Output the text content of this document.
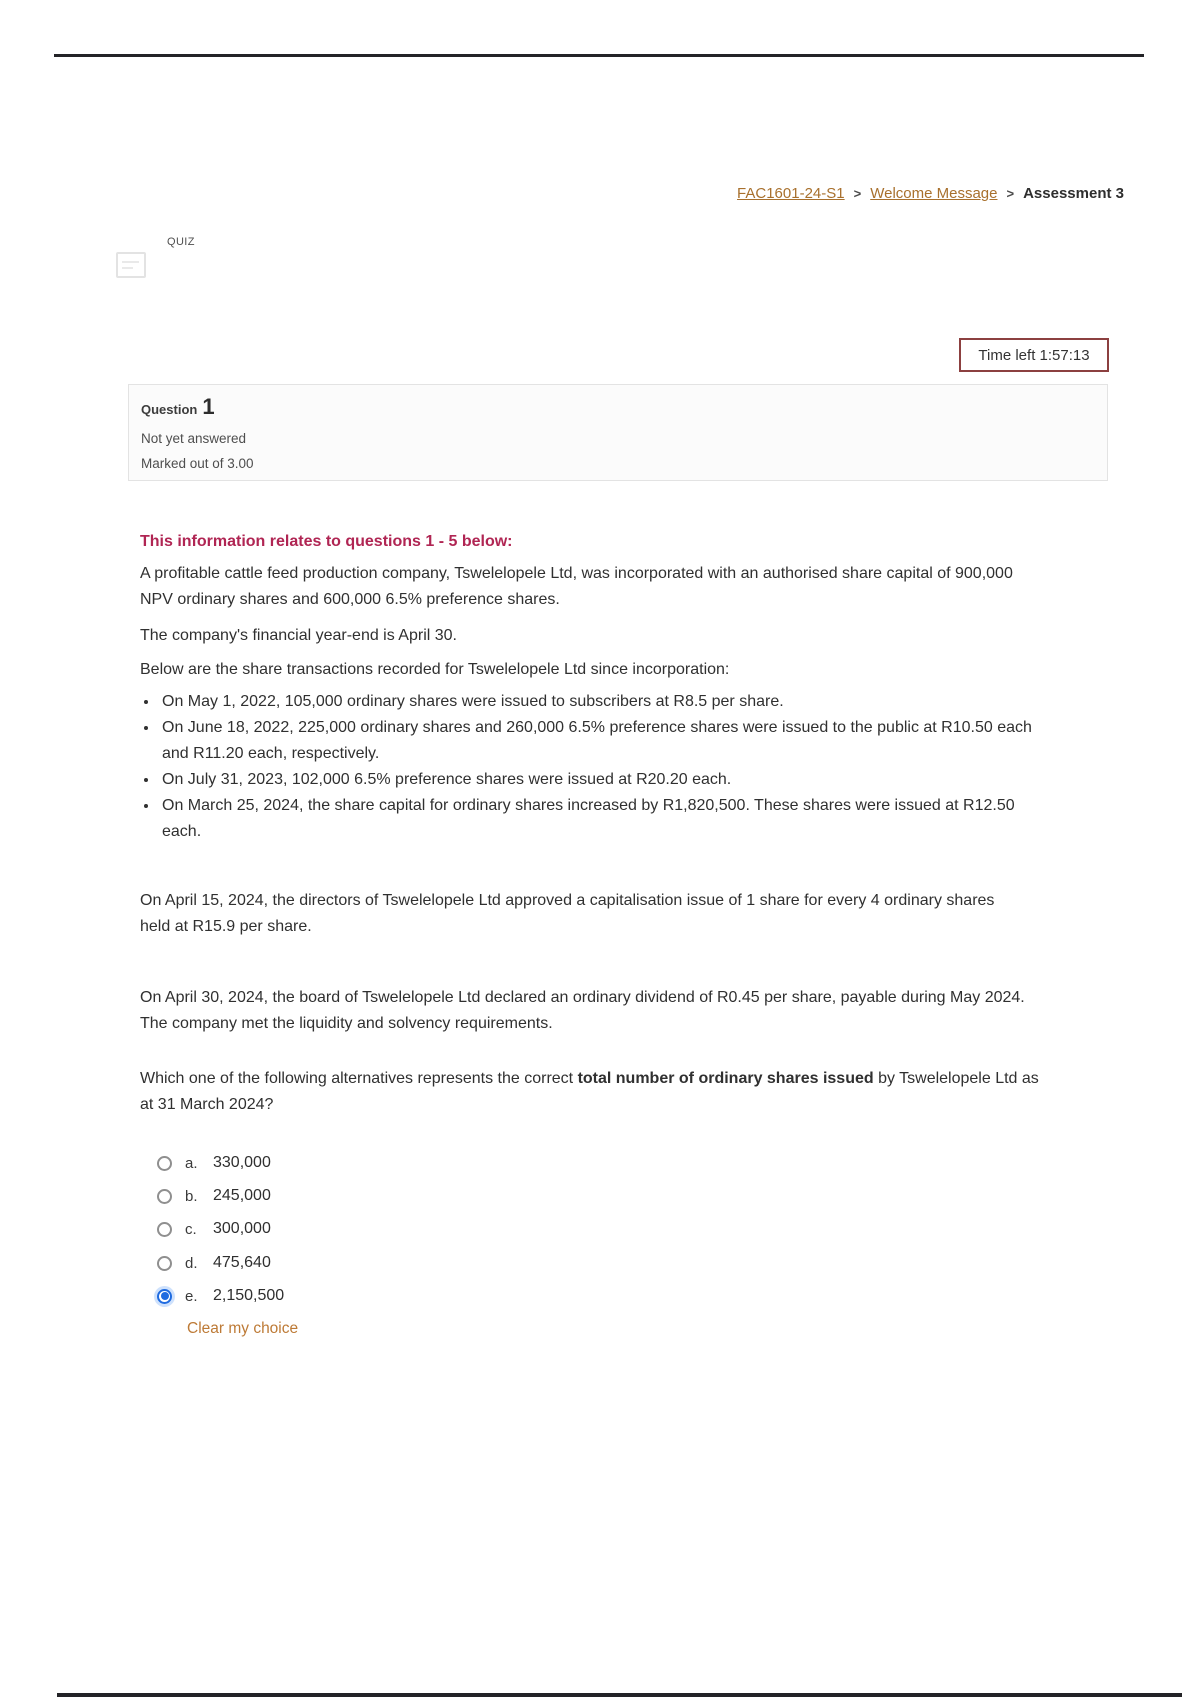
FAC1601-24-S1 > Welcome Message > Assessment 3
QUIZ
Time left 1:57:13
Question 1
Not yet answered
Marked out of 3.00
This information relates to questions 1 - 5 below:
A profitable cattle feed production company, Tswelelopele Ltd, was incorporated with an authorised share capital of 900,000
NPV ordinary shares and 600,000 6.5% preference shares.
The company's financial year-end is April 30.
Below are the share transactions recorded for Tswelelopele Ltd since incorporation:
• On May 1, 2022, 105,000 ordinary shares were issued to subscribers at R8.5 per share.
• On June 18, 2022, 225,000 ordinary shares and 260,000 6.5% preference shares were issued to the public at R10.50 each
and R11.20 each, respectively.
• On July 31, 2023, 102,000 6.5% preference shares were issued at R20.20 each.
• On March 25, 2024, the share capital for ordinary shares increased by R1,820,500. These shares were issued at R12.50
each.
On April 15, 2024, the directors of Tswelelopele Ltd approved a capitalisation issue of 1 share for every 4 ordinary shares
held at R15.9 per share.
On April 30, 2024, the board of Tswelelopele Ltd declared an ordinary dividend of R0.45 per share, payable during May 2024.
The company met the liquidity and solvency requirements.
Which one of the following alternatives represents the correct total number of ordinary shares issued by Tswelelopele Ltd as
at 31 March 2024?
a. 330,000
b. 245,000
c.	300,000
d. 475,640
e. 2,150,500
Clear my choice
